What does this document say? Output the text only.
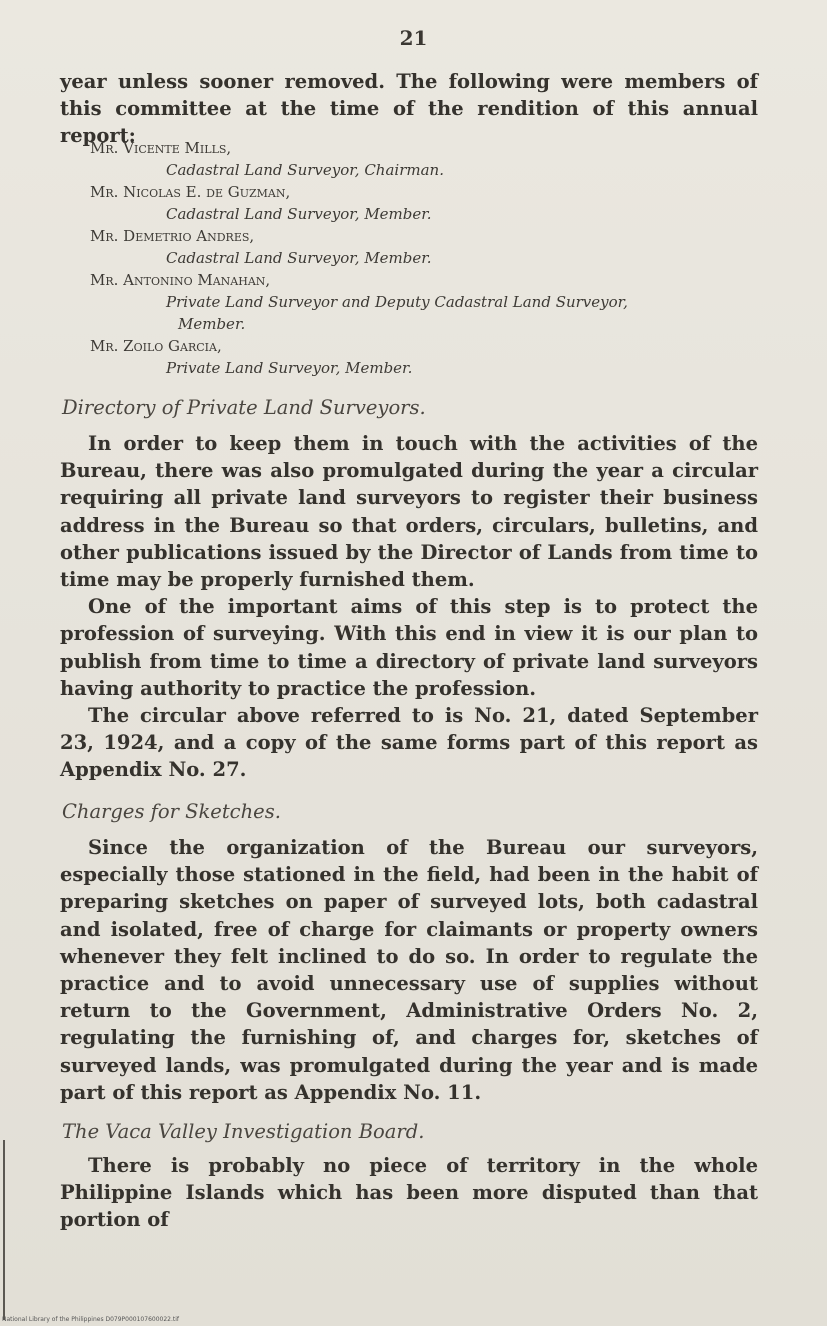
21

year unless sooner removed. The following were members of this committee at the time of the rendition of this annual report:

Mr. Vicente Mills,
Cadastral Land Surveyor, Chairman.
Mr. Nicolas E. de Guzman,
Cadastral Land Surveyor, Member.
Mr. Demetrio Andres,
Cadastral Land Surveyor, Member.
Mr. Antonino Manahan,
Private Land Surveyor and Deputy Cadastral Land Surveyor,
Member.
Mr. Zoilo Garcia,
Private Land Surveyor, Member.
Directory of Private Land Surveyors.

In order to keep them in touch with the activities of the Bureau, there was also promulgated during the year a circular requiring all private land surveyors to register their business address in the Bureau so that orders, circulars, bulletins, and other publications issued by the Director of Lands from time to time may be properly furnished them.

One of the important aims of this step is to protect the profession of surveying. With this end in view it is our plan to publish from time to time a directory of private land surveyors having authority to practice the profession.

The circular above referred to is No. 21, dated September 23, 1924, and a copy of the same forms part of this report as Appendix No. 27.

Charges for Sketches.

Since the organization of the Bureau our surveyors, especially those stationed in the field, had been in the habit of preparing sketches on paper of surveyed lots, both cadastral and isolated, free of charge for claimants or property owners whenever they felt inclined to do so. In order to regulate the practice and to avoid unnecessary use of supplies without return to the Government, Administrative Orders No. 2, regulating the furnishing of, and charges for, sketches of surveyed lands, was promulgated during the year and is made part of this report as Appendix No. 11.

The Vaca Valley Investigation Board.

There is probably no piece of territory in the whole Philippine Islands which has been more disputed than that portion of

National Library of the Philippines D079P000107600022.tif
